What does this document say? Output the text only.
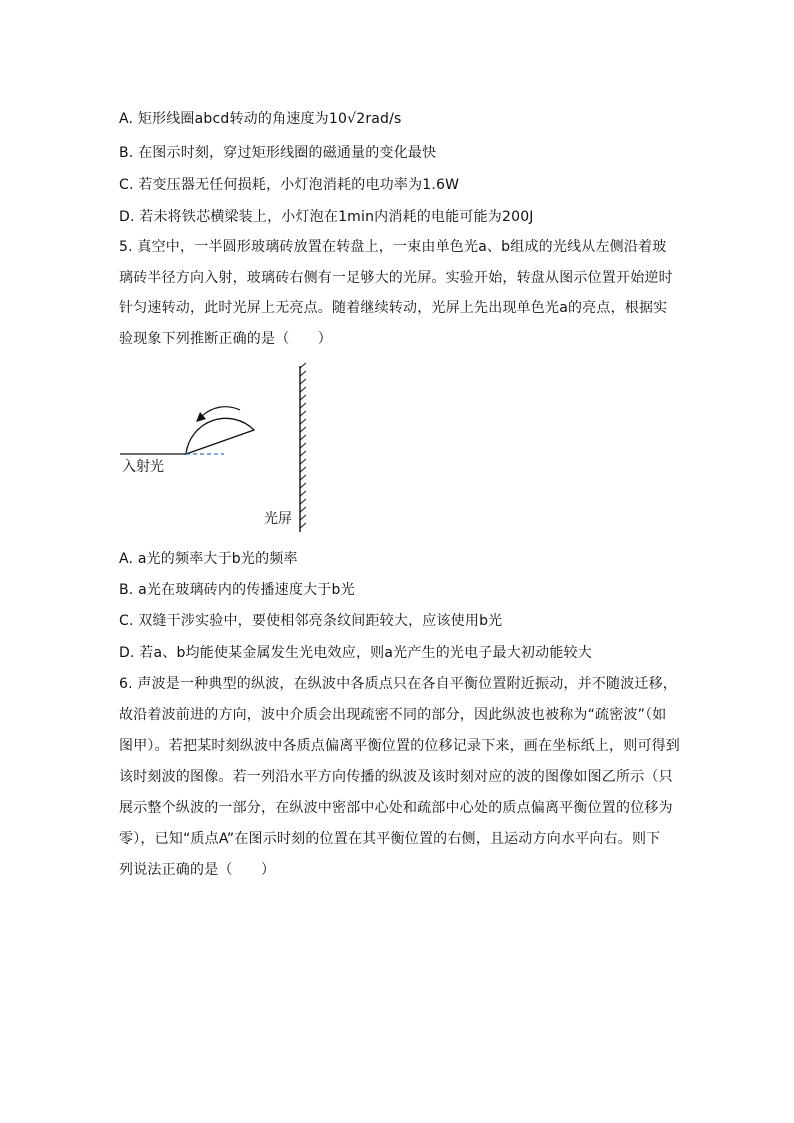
A. 矩形线圈abcd转动的角速度为10√2rad/s
B. 在图示时刻，穿过矩形线圈的磁通量的变化最快
C. 若变压器无任何损耗，小灯泡消耗的电功率为1.6W
D. 若未将铁芯横梁装上，小灯泡在1min内消耗的电能可能为200J
5. 真空中，一半圆形玻璃砖放置在转盘上，一束由单色光a、b组成的光线从左侧沿着玻
璃砖半径方向入射，玻璃砖右侧有一足够大的光屏。实验开始，转盘从图示位置开始逆时
针匀速转动，此时光屏上无亮点。随着继续转动，光屏上先出现单色光a的亮点，根据实
验现象下列推断正确的是（　　）
入射光
光屏
A. a光的频率大于b光的频率
B. a光在玻璃砖内的传播速度大于b光
C. 双缝干涉实验中，要使相邻亮条纹间距较大，应该使用b光
D. 若a、b均能使某金属发生光电效应，则a光产生的光电子最大初动能较大
6. 声波是一种典型的纵波，在纵波中各质点只在各自平衡位置附近振动，并不随波迁移，
故沿着波前进的方向，波中介质会出现疏密不同的部分，因此纵波也被称为“疏密波”（如
图甲）。若把某时刻纵波中各质点偏离平衡位置的位移记录下来，画在坐标纸上，则可得到
该时刻波的图像。若一列沿水平方向传播的纵波及该时刻对应的波的图像如图乙所示（只
展示整个纵波的一部分，在纵波中密部中心处和疏部中心处的质点偏离平衡位置的位移为
零），已知“质点A”在图示时刻的位置在其平衡位置的右侧，且运动方向水平向右。则下
列说法正确的是（　　）
